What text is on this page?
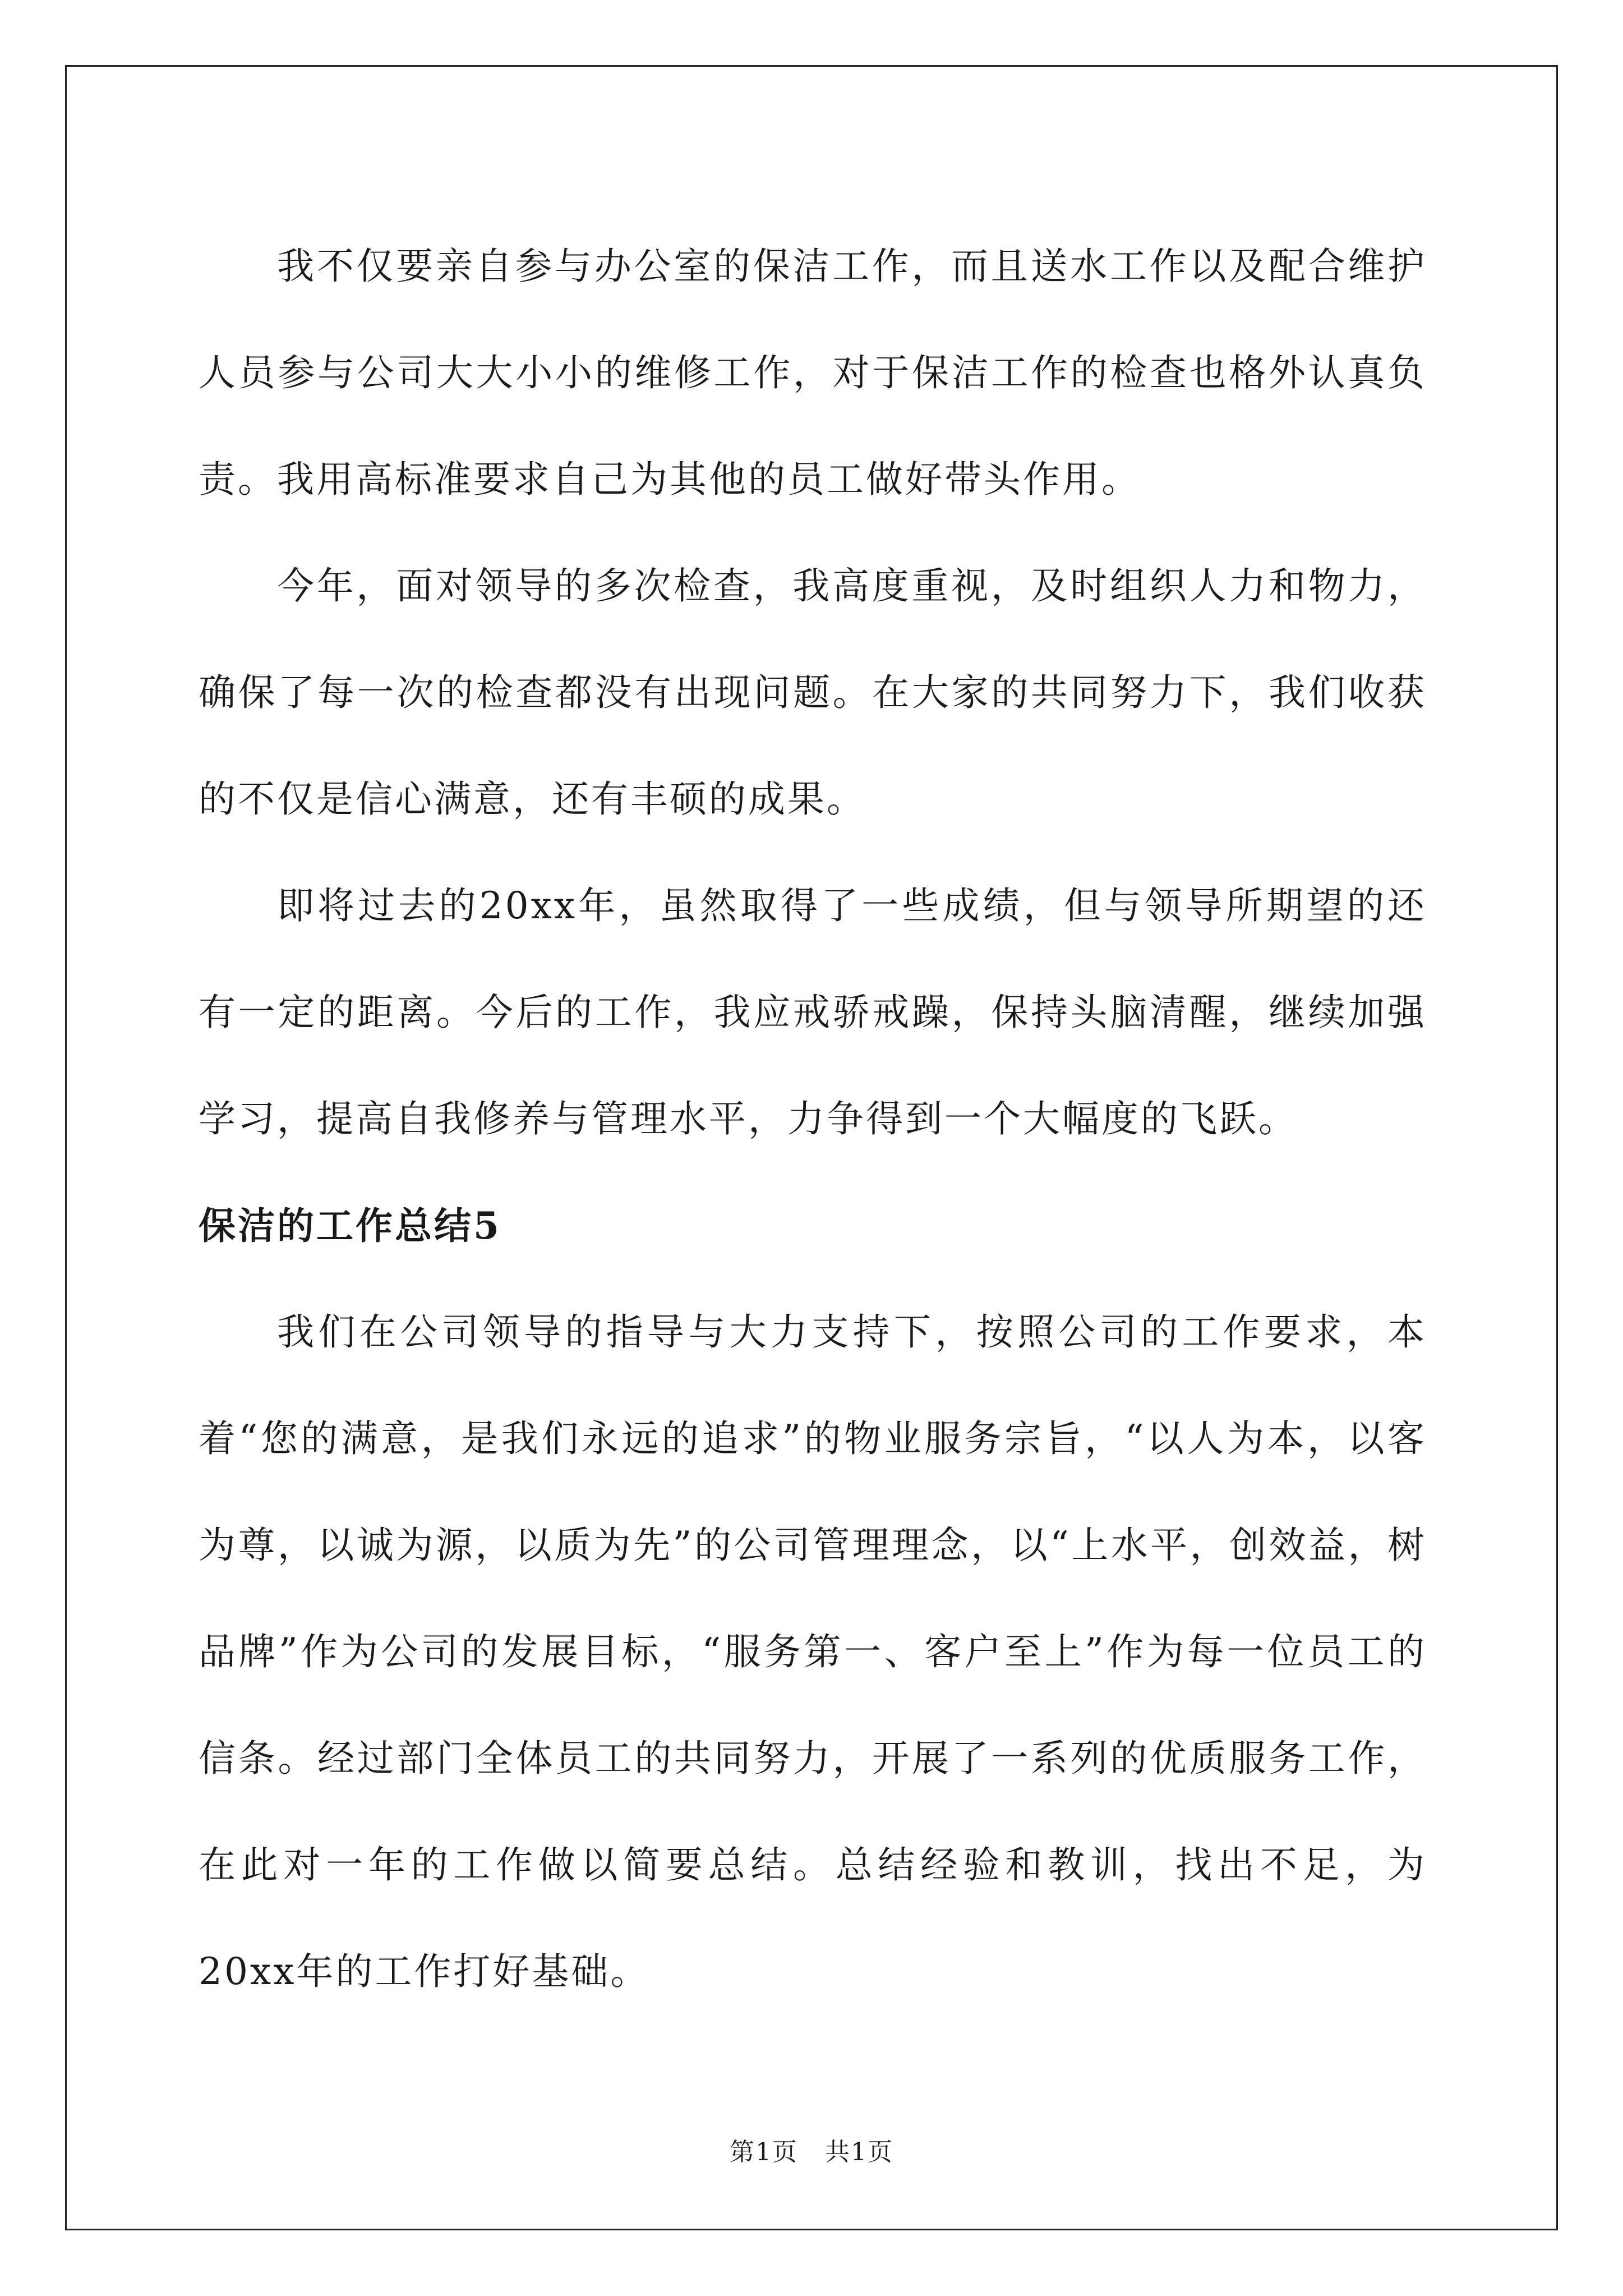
我不仅要亲自参与办公室的保洁工作，而且送水工作以及配合维护人员参与公司大大小小的维修工作，对于保洁工作的检查也格外认真负责。我用高标准要求自己为其他的员工做好带头作用。

今年，面对领导的多次检查，我高度重视，及时组织人力和物力，确保了每一次的检查都没有出现问题。在大家的共同努力下，我们收获的不仅是信心满意，还有丰硕的成果。

即将过去的20xx年，虽然取得了一些成绩，但与领导所期望的还有一定的距离。今后的工作，我应戒骄戒躁，保持头脑清醒，继续加强学习，提高自我修养与管理水平，力争得到一个大幅度的飞跃。

保洁的工作总结5

我们在公司领导的指导与大力支持下，按照公司的工作要求，本着“您的满意，是我们永远的追求”的物业服务宗旨，“以人为本，以客为尊，以诚为源，以质为先”的公司管理理念，以“上水平，创效益，树品牌”作为公司的发展目标，“服务第一、客户至上”作为每一位员工的信条。经过部门全体员工的共同努力，开展了一系列的优质服务工作，在此对一年的工作做以简要总结。总结经验和教训，找出不足，为20xx年的工作打好基础。

第1页 共1页
